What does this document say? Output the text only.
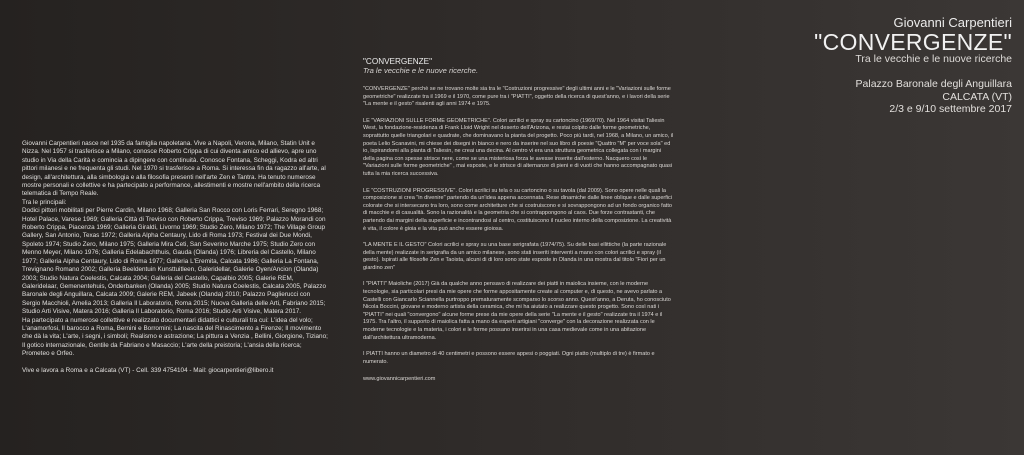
Giovanni Carpentieri nasce nel 1935 da famiglia napoletana. Vive a Napoli, Verona, Milano, Statin Unit e Nizza. Nel 1957 si trasferisce a Milano, conosce Roberto Crippa di cui diventa amico ed allievo, apre uno studio in Via della Carità e comincia a dipingere con continuità. Conosce Fontana, Scheggi, Kodra ed altri pittori milanesi e ne frequenta gli studi. Nel 1970 si trasferisce a Roma. Si interessa fin da ragazzo all'arte, al design, all'architettura, alla simbologia e alla filosofia presenti nell'arte Zen e Tantra. Ha tenuto numerose mostre personali e collettive e ha partecipato a performance, allestimenti e mostre nell'ambito della ricerca telematica di Tempo Reale.

Tra le principali:

Dodici pittori mobilitati per Pierre Cardin, Milano 1968; Galleria San Rocco con Loris Ferrari, Seregno 1968; Hotel Palace, Varese 1969; Galleria Città di Treviso con Roberto Crippa, Treviso 1969; Palazzo Morandi con Roberto Crippa, Piacenza 1969; Galleria Giraldi, Livorno 1969; Studio Zero, Milano 1972; The Village Group Gallery, San Antonio, Texas 1972; Galleria Alpha Centaury, Lido di Roma 1973; Festival dei Due Mondi, Spoleto 1974; Studio Zero, Milano 1975; Galleria Mira Ceti, San Severino Marche 1975; Studio Zero con Menno Meyer, Milano 1976; Galleria Edelabachthuis, Gauda (Olanda) 1976; Libreria del Castello, Milano 1977; Galleria Alpha Centaury, Lido di Roma 1977; Galleria L'Eremita, Calcata 1986; Galleria La Fontana, Trevignano Romano 2002; Galleria Beeldentuin Kunsttuitleen, Galeridellar, Galerie Oyen/Ancion (Olanda) 2003; Studio Natura Coelestis, Calcata 2004; Galleria del Castello, Capalbio 2005; Galerie REM, Galeridelaar, Gemenentehuis, Onderbanken (Olanda) 2005; Studio Natura Coelestis, Calcata 2005, Palazzo Baronale degli Anguillara, Calcata 2009; Galerie REM, Jabeek (Olanda) 2010; Palazzo Paglierucci con Sergio Macchioli, Amelia 2013; Galleria Il Laboratorio, Roma 2015; Nuova Galleria delle Arti, Fabriano 2015; Studio Arti Visive, Matera 2016; Galleria Il Laboratorio, Roma 2016; Studio Arti Visive, Matera 2017.

Ha partecipato a numerose collettive e realizzato documentari didattici e culturali tra cui: L'idea del volo; L'anamorfosi, Il barocco a Roma, Bernini e Borromini; La nascita del Rinascimento a Firenze; Il movimento che dà la vita; L'arte, i segni, i simboli; Realismo e astrazione; La pittura a Venzia , Bellini, Giorgione, Tiziano; Il gotico internazionale, Gentile da Fabriano e Masaccio; L'arte della preistoria; L'ansia della ricerca; Prometeo e Orfeo.

Vive e lavora a Roma e a Calcata (VT) - Cell. 339 4754104 - Mail: giocarpentieri@libero.it
"CONVERGENZE"
Tra le vecchie e le nuove ricerche.
"CONVERGENZE" perchè se ne trovano molte sia tra le "Costruzioni progressive" degli ultimi anni e le "Variazioni sulle forme geometriche" realizzate tra il 1969 e il 1970, come pure tra i "PIATTI", oggetto della ricerca di quest'anno, e i lavori della serie "La mente e il gesto" risalenti agli anni 1974 e 1975.
LE "VARIAZIONI SULLE FORME GEOMETRICHE". Colori acrilici e spray su cartoncino (1969/70). Nel 1964 visitai Taliesin West, la fondazione-residenza di Frank Lloid Wright nel deserto dell'Arizona, e restai colpito dalle forme geometriche, soprattutto quelle triangolari e quadrate, che dominavano la pianta del progetto. Poco più tardi, nel 1968, a Milano, un amico, il poeta Lelio Scanavini, mi chiese dei disegni in bianco e nero da inserire nel suo libro di poesie "Quattro "M" per voce sola" ed io, ispirandomi alla pianta di Taliesin, ne creai una decina. Al centro vi era una struttura geometrica collegata con i margini della pagina con spesse strisce nere, come se una misteriosa forza le avesse inserite dall'esterno. Nacquero così le "Variazioni sulle forme geometriche" , mai esposte, e le strisce di alternanze di pieni e di vuoti che hanno accompagnato quasi tutta la mia ricerca successiva.
LE "COSTRUZIONI PROGRESSIVE". Colori acrilici su tela o su cartoncino o su tavola (dal 2009). Sono opere nelle quali la composizione si crea "in divenire" partendo da un'idea appena accennata. Rese dinamiche dalle linee oblique e dalle superfici colorate che si intersecano tra loro, sono come architetture che si costruiscono e si sovrappongono ad un fondo organico fatto di macchie e di casualità. Sono la razionalità e la geometria che si contrappongono al caos. Due forze contrastanti, che partendo dai margini della superficie e incontrandosi al centro, costituiscono il nucleo interno della composizione. La creatività è vita, il colore è gioia e la vita può anche essere gioiosa.
"LA MENTE E IL GESTO" Colori acrilici e spray su una base serigrafata (1974/75). Su delle basi ellittiche (la parte razionale della mente) realizzate in serigrafia da un amico milanese, sono stati inseriti interventi a mano con colori acrilici e spray (il gesto). Ispirati alle filosofie Zen e Taoista, alcuni di di loro sono state esposte in Olanda in una mostra dal titolo "Fiori per un giardino zen"
I "PIATTI" Maioliche (2017) Già da qualche anno pensavo di realizzare dei piatti in maiolica insieme, con le moderne tecnologie, sia particolari presi da mie opere che forme appositamente create al computer e, di questo, ne avevo parlato a Castelli con Giancarlo Sciannella purtroppo prematuramente scomparso lo scorso anno. Quest'anno, a Deruta, ho conosciuto Nicola Boccini, giovane e moderno artista della ceramica, che mi ha aiutato a realizzare questo progetto. Sono così nati i "PIATTI" nei quali "convergono" alcune forme prese da mie opere della serie "La mente e il gesto" realizzate tra il 1974 e il 1975. Tra l'altro, il supporto di maiolica fatta a mano da esperti artigiani "converge" con la decorazione realizzata con le moderne tecnologie e la materia, i colori e le forme possano inserirsi in una casa medievale come in una abitazione dall'architettura ultramoderna.
I PIATTI hanno un diametro di 40 centimetri e possono essere appesi o poggiati. Ogni piatto (multiplo di tre) è firmato e numerato.
www.giovannicarpentieri.com
Giovanni Carpentieri
"CONVERGENZE"
Tra le vecchie e le nuove ricerche
Palazzo Baronale degli Anguillara
CALCATA (VT)
2/3 e 9/10 settembre 2017
